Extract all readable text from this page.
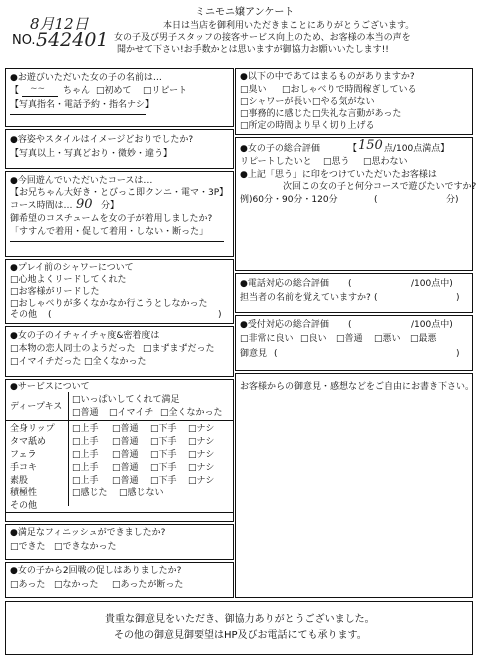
ミニモニ嬢アンケート
本日は当店を御利用いただきまことにありがとうございます。
女の子及び男子スタッフの接客サービス向上のため、お客様の本当の声を
聞かせて下さい!お手数かとは思いますが御協力お願いいたします!!
8月12日
NO. 542401
●お遊びいただいた女の子の名前は…
【 ~~ ちゃん □初めて □リピート
【写真指名・電話予約・指名ナシ】
●容姿やスタイルはイメージどおりでしたか?
【写真以上・写真どおり・微妙・違う】
●今回遊んでいただいたコースは…
【お兄ちゃん大好き・とびっこ即クンニ・電マ・3P】
コース時間は… 90 分】
御希望のコスチュームを女の子が着用しましたか?
「すすんで着用・促して着用・しない・断った」
●プレイ前のシャワーについて
□心地よくリードしてくれた
□お客様がリードした
□おしゃべりが多くなかなか行こうとしなかった
その他 (	)
●女の子のイチャイチャ度&密着度は
□本物の恋人同士のようだった □まずまずだった
□イマイチだった □全くなかった
●サービスについて
ディープキス
□いっぱいしてくれて満足
□普通 □イマイチ □全くなかった
全身リップ □上手 □普通 □下手 □ナシ
タマ舐め	□上手 □普通 □下手 □ナシ
フェラ	□上手 □普通 □下手 □ナシ
手コキ	□上手 □普通 □下手 □ナシ
素股	□上手 □普通 □下手 □ナシ
積極性	□感じた □感じない
その他
●満足なフィニッシュができましたか?
□できた □できなかった
●女の子から2回戦の促しはありましたか?
□あった □なかった □あったが断った
●以下の中であてはまるものがありますか?
□臭い □おしゃべりで時間稼ぎしている
□シャワーが長い □やる気がない
□事務的に感じた □失礼な言動があった
□所定の時間より早く切り上げる
●女の子の総合評価	【 150 点/100点満点】
リピートしたいと □思う □思わない
●上記「思う」に印をつけていただいたお客様は
次回この女の子と何分コースで遊びたいですか?
例)60分・90分・120分	(	分)
●電話対応の総合評価 (	/100点中)
担当者の名前を覚えていますか? (	)
●受付対応の総合評価 (	/100点中)
□非常に良い □良い □普通 □悪い □最悪
御意見 (	)
お客様からの御意見・感想などをご自由にお書き下さい。
貴重な御意見をいただき、御協力ありがとうございました。
その他の御意見御要望はHP及びお電話にても承ります。
